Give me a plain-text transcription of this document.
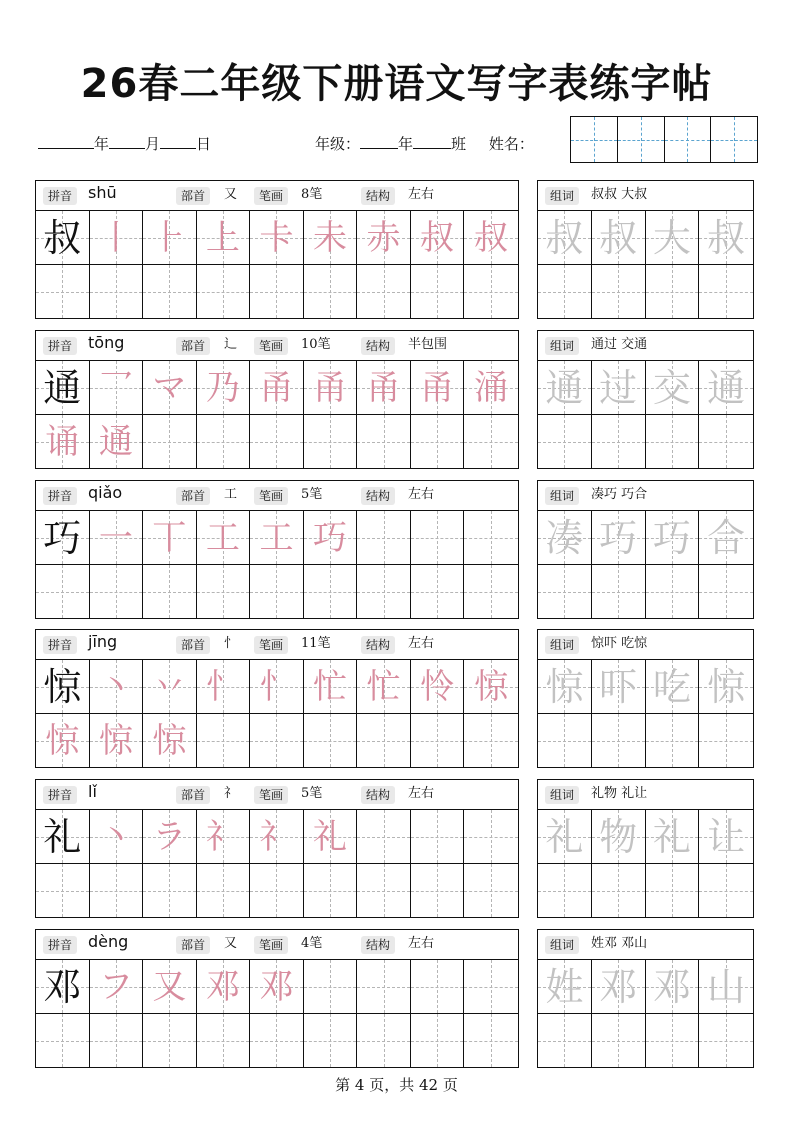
26春二年级下册语文写字表练字帖
年 月 日	年级：	年	班 姓名：
拼音 shū	部首	又	笔画	8笔	结构	左右
叔 丨 ⺊ 上 卡 未 赤 叔 叔
组词	叔叔 大叔
叔 叔 大 叔
拼音 tōng	部首	辶	笔画	10笔	结构	半包围
通 乛 マ 乃 甬 甬 甬 甬 涌
诵 通
组词	通过 交通
通 过 交 通
拼音 qiǎo	部首	工	笔画	5笔	结构	左右
巧 一 丅 工 工 巧
组词	凑巧 巧合
凑 巧 巧 合
拼音 jīng	部首	忄	笔画	11笔	结构	左右
惊 丶 丷 忄 忄 忙 忙 怜 惊
惊 惊 惊
组词	惊吓 吃惊
惊 吓 吃 惊
拼音 lǐ	部首	礻	笔画	5笔	结构	左右
礼 丶 ラ 礻 礻 礼
组词	礼物 礼让
礼 物 礼 让
拼音 dèng	部首	又	笔画	4笔	结构	左右
邓 フ 又 邓 邓
组词	姓邓 邓山
姓 邓 邓 山
第 4 页，共 42 页
